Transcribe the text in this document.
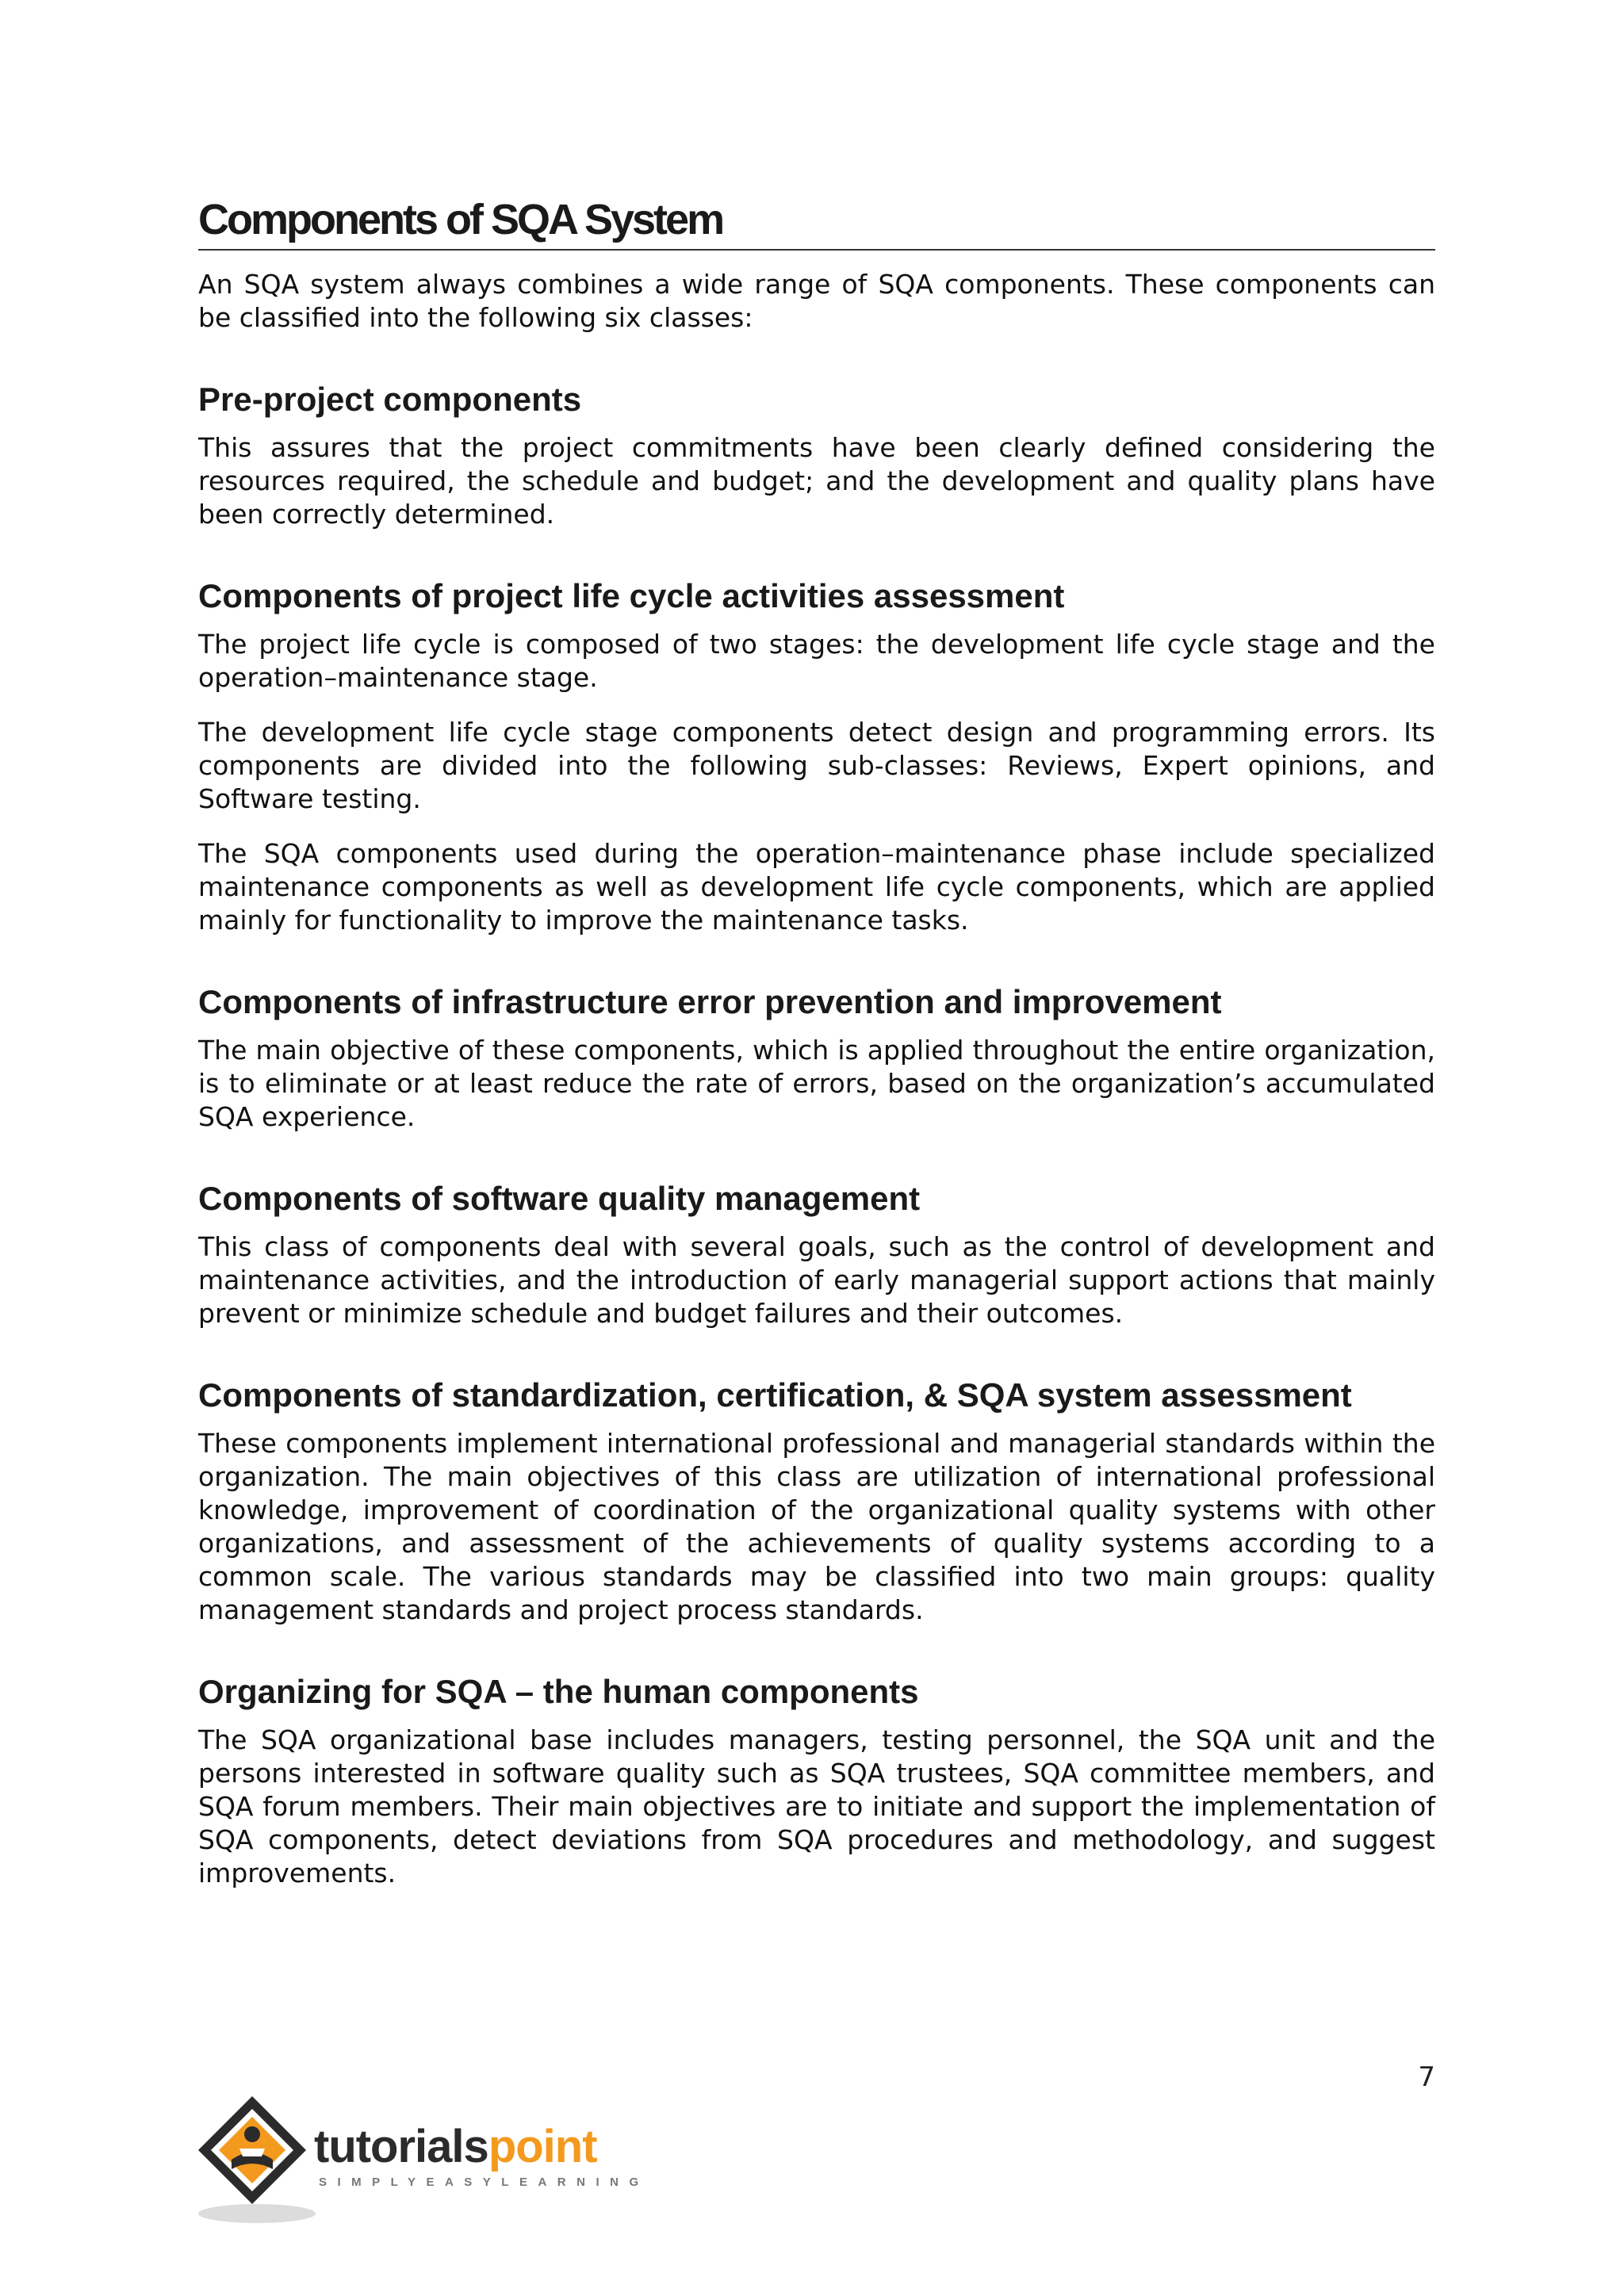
Components of SQA System

An SQA system always combines a wide range of SQA components. These components can be classified into the following six classes:

Pre-project components

This assures that the project commitments have been clearly defined considering the resources required, the schedule and budget; and the development and quality plans have been correctly determined.

Components of project life cycle activities assessment

The project life cycle is composed of two stages: the development life cycle stage and the operation–maintenance stage.

The development life cycle stage components detect design and programming errors. Its components are divided into the following sub-classes: Reviews, Expert opinions, and Software testing.

The SQA components used during the operation–maintenance phase include specialized maintenance components as well as development life cycle components, which are applied mainly for functionality to improve the maintenance tasks.

Components of infrastructure error prevention and improvement

The main objective of these components, which is applied throughout the entire organization, is to eliminate or at least reduce the rate of errors, based on the organization’s accumulated SQA experience.

Components of software quality management

This class of components deal with several goals, such as the control of development and maintenance activities, and the introduction of early managerial support actions that mainly prevent or minimize schedule and budget failures and their outcomes.

Components of standardization, certification, & SQA system assessment

These components implement international professional and managerial standards within the organization. The main objectives of this class are utilization of international professional knowledge, improvement of coordination of the organizational quality systems with other organizations, and assessment of the achievements of quality systems according to a common scale. The various standards may be classified into two main groups: quality management standards and project process standards.

Organizing for SQA – the human components

The SQA organizational base includes managers, testing personnel, the SQA unit and the persons interested in software quality such as SQA trustees, SQA committee members, and SQA forum members. Their main objectives are to initiate and support the implementation of SQA components, detect deviations from SQA procedures and methodology, and suggest improvements.

7
tutorialspoint
SIMPLYEASYLEARNING
